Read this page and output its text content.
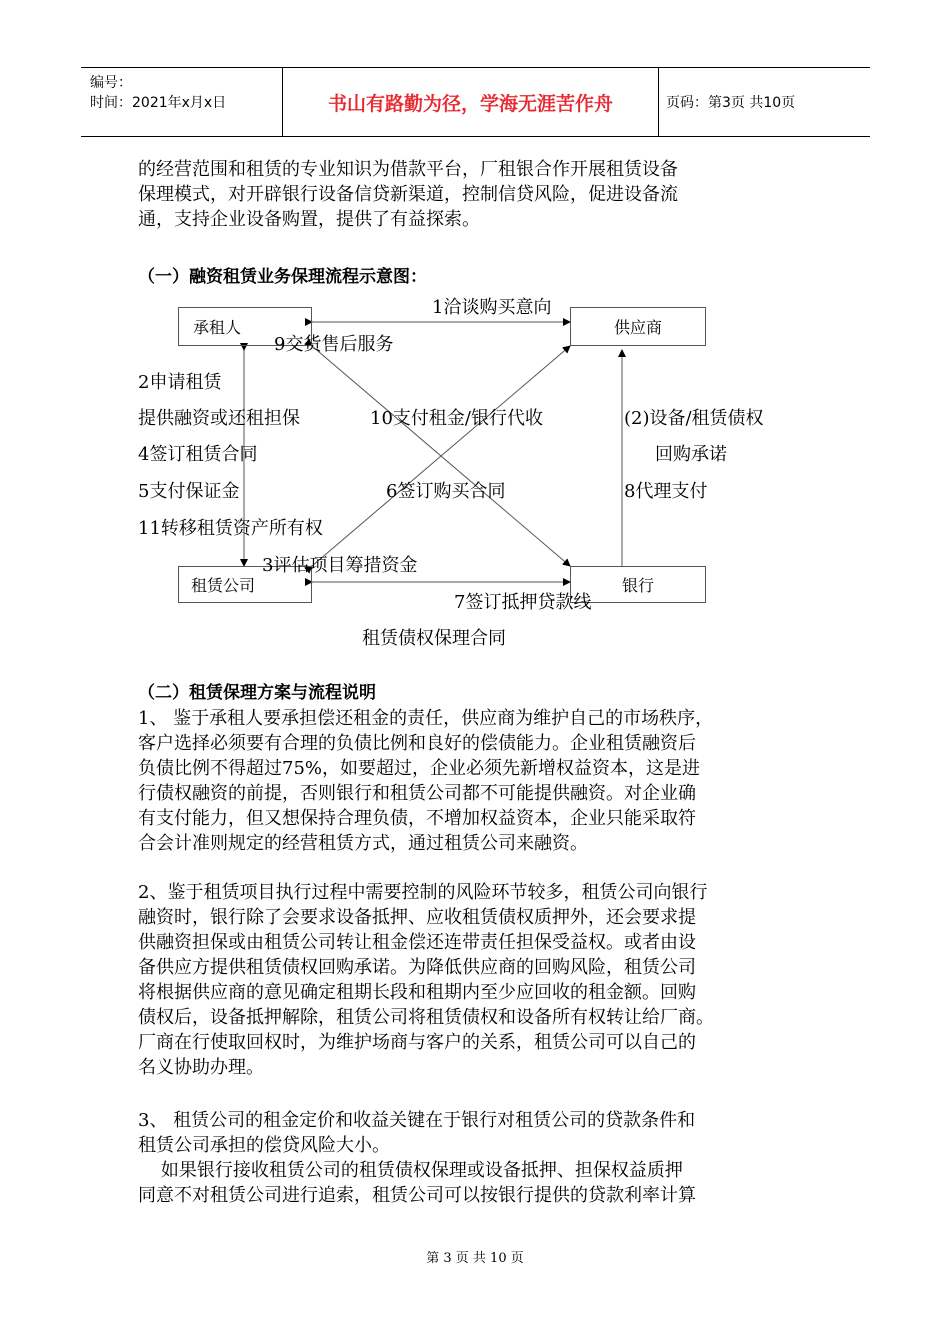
编号：
时间：2021年x月x日	书山有路勤为径，学海无涯苦作舟	页码：第3页 共10页
的经营范围和租赁的专业知识为借款平台，厂租银合作开展租赁设备
保理模式，对开辟银行设备信贷新渠道，控制信贷风险，促进设备流
通，支持企业设备购置，提供了有益探索。
（一）融资租赁业务保理流程示意图：
承租人	供应商
租赁公司	银行
1洽谈购买意向
9交货售后服务
2申请租赁
提供融资或还租担保	10支付租金/银行代收	(2)设备/租赁债权
4签订租赁合同	回购承诺
5支付保证金	6签订购买合同	8代理支付
11转移租赁资产所有权
3评估项目筹措资金
7签订抵押贷款线
租赁债权保理合同
（二）租赁保理方案与流程说明
1、 鉴于承租人要承担偿还租金的责任，供应商为维护自己的市场秩序，
客户选择必须要有合理的负债比例和良好的偿债能力。企业租赁融资后
负债比例不得超过75%，如要超过，企业必须先新增权益资本，这是进
行债权融资的前提，否则银行和租赁公司都不可能提供融资。对企业确
有支付能力，但又想保持合理负债，不增加权益资本，企业只能采取符
合会计准则规定的经营租赁方式，通过租赁公司来融资。
2、鉴于租赁项目执行过程中需要控制的风险环节较多，租赁公司向银行
融资时，银行除了会要求设备抵押、应收租赁债权质押外，还会要求提
供融资担保或由租赁公司转让租金偿还连带责任担保受益权。或者由设
备供应方提供租赁债权回购承诺。为降低供应商的回购风险，租赁公司
将根据供应商的意见确定租期长段和租期内至少应回收的租金额。回购
债权后，设备抵押解除，租赁公司将租赁债权和设备所有权转让给厂商。
厂商在行使取回权时，为维护场商与客户的关系，租赁公司可以自己的
名义协助办理。
3、 租赁公司的租金定价和收益关键在于银行对租赁公司的贷款条件和
租赁公司承担的偿贷风险大小。
如果银行接收租赁公司的租赁债权保理或设备抵押、担保权益质押
同意不对租赁公司进行追索，租赁公司可以按银行提供的贷款利率计算
第 3 页 共 10 页
